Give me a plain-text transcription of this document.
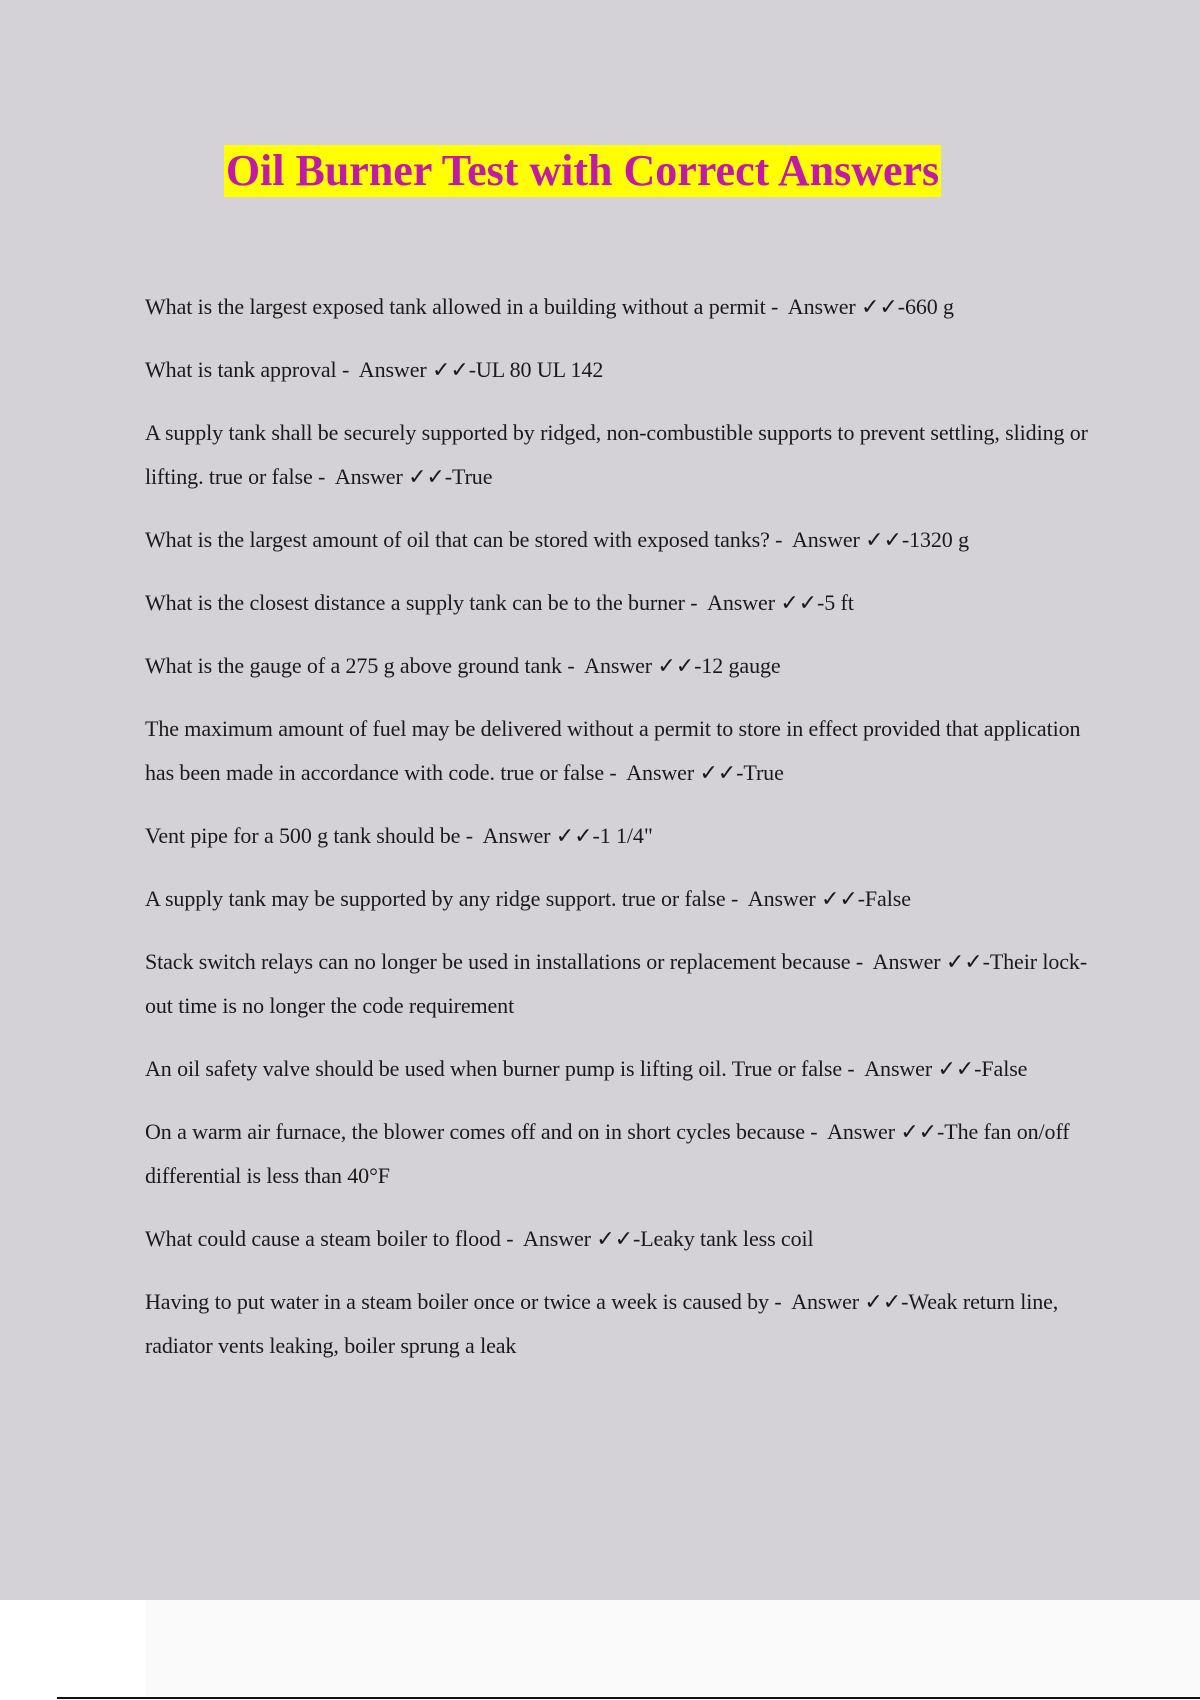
Oil Burner Test with Correct Answers
What is the largest exposed tank allowed in a building without a permit -  Answer ✓✓-660 g
What is tank approval -  Answer ✓✓-UL 80 UL 142
A supply tank shall be securely supported by ridged, non-combustible supports to prevent settling, sliding or lifting. true or false -  Answer ✓✓-True
What is the largest amount of oil that can be stored with exposed tanks? -  Answer ✓✓-1320 g
What is the closest distance a supply tank can be to the burner -  Answer ✓✓-5 ft
What is the gauge of a 275 g above ground tank -  Answer ✓✓-12 gauge
The maximum amount of fuel may be delivered without a permit to store in effect provided that application has been made in accordance with code. true or false -  Answer ✓✓-True
Vent pipe for a 500 g tank should be -  Answer ✓✓-1 1/4"
A supply tank may be supported by any ridge support. true or false -  Answer ✓✓-False
Stack switch relays can no longer be used in installations or replacement because -  Answer ✓✓-Their lock-out time is no longer the code requirement
An oil safety valve should be used when burner pump is lifting oil. True or false -  Answer ✓✓-False
On a warm air furnace, the blower comes off and on in short cycles because -  Answer ✓✓-The fan on/off differential is less than 40°F
What could cause a steam boiler to flood -  Answer ✓✓-Leaky tank less coil
Having to put water in a steam boiler once or twice a week is caused by -  Answer ✓✓-Weak return line, radiator vents leaking, boiler sprung a leak
